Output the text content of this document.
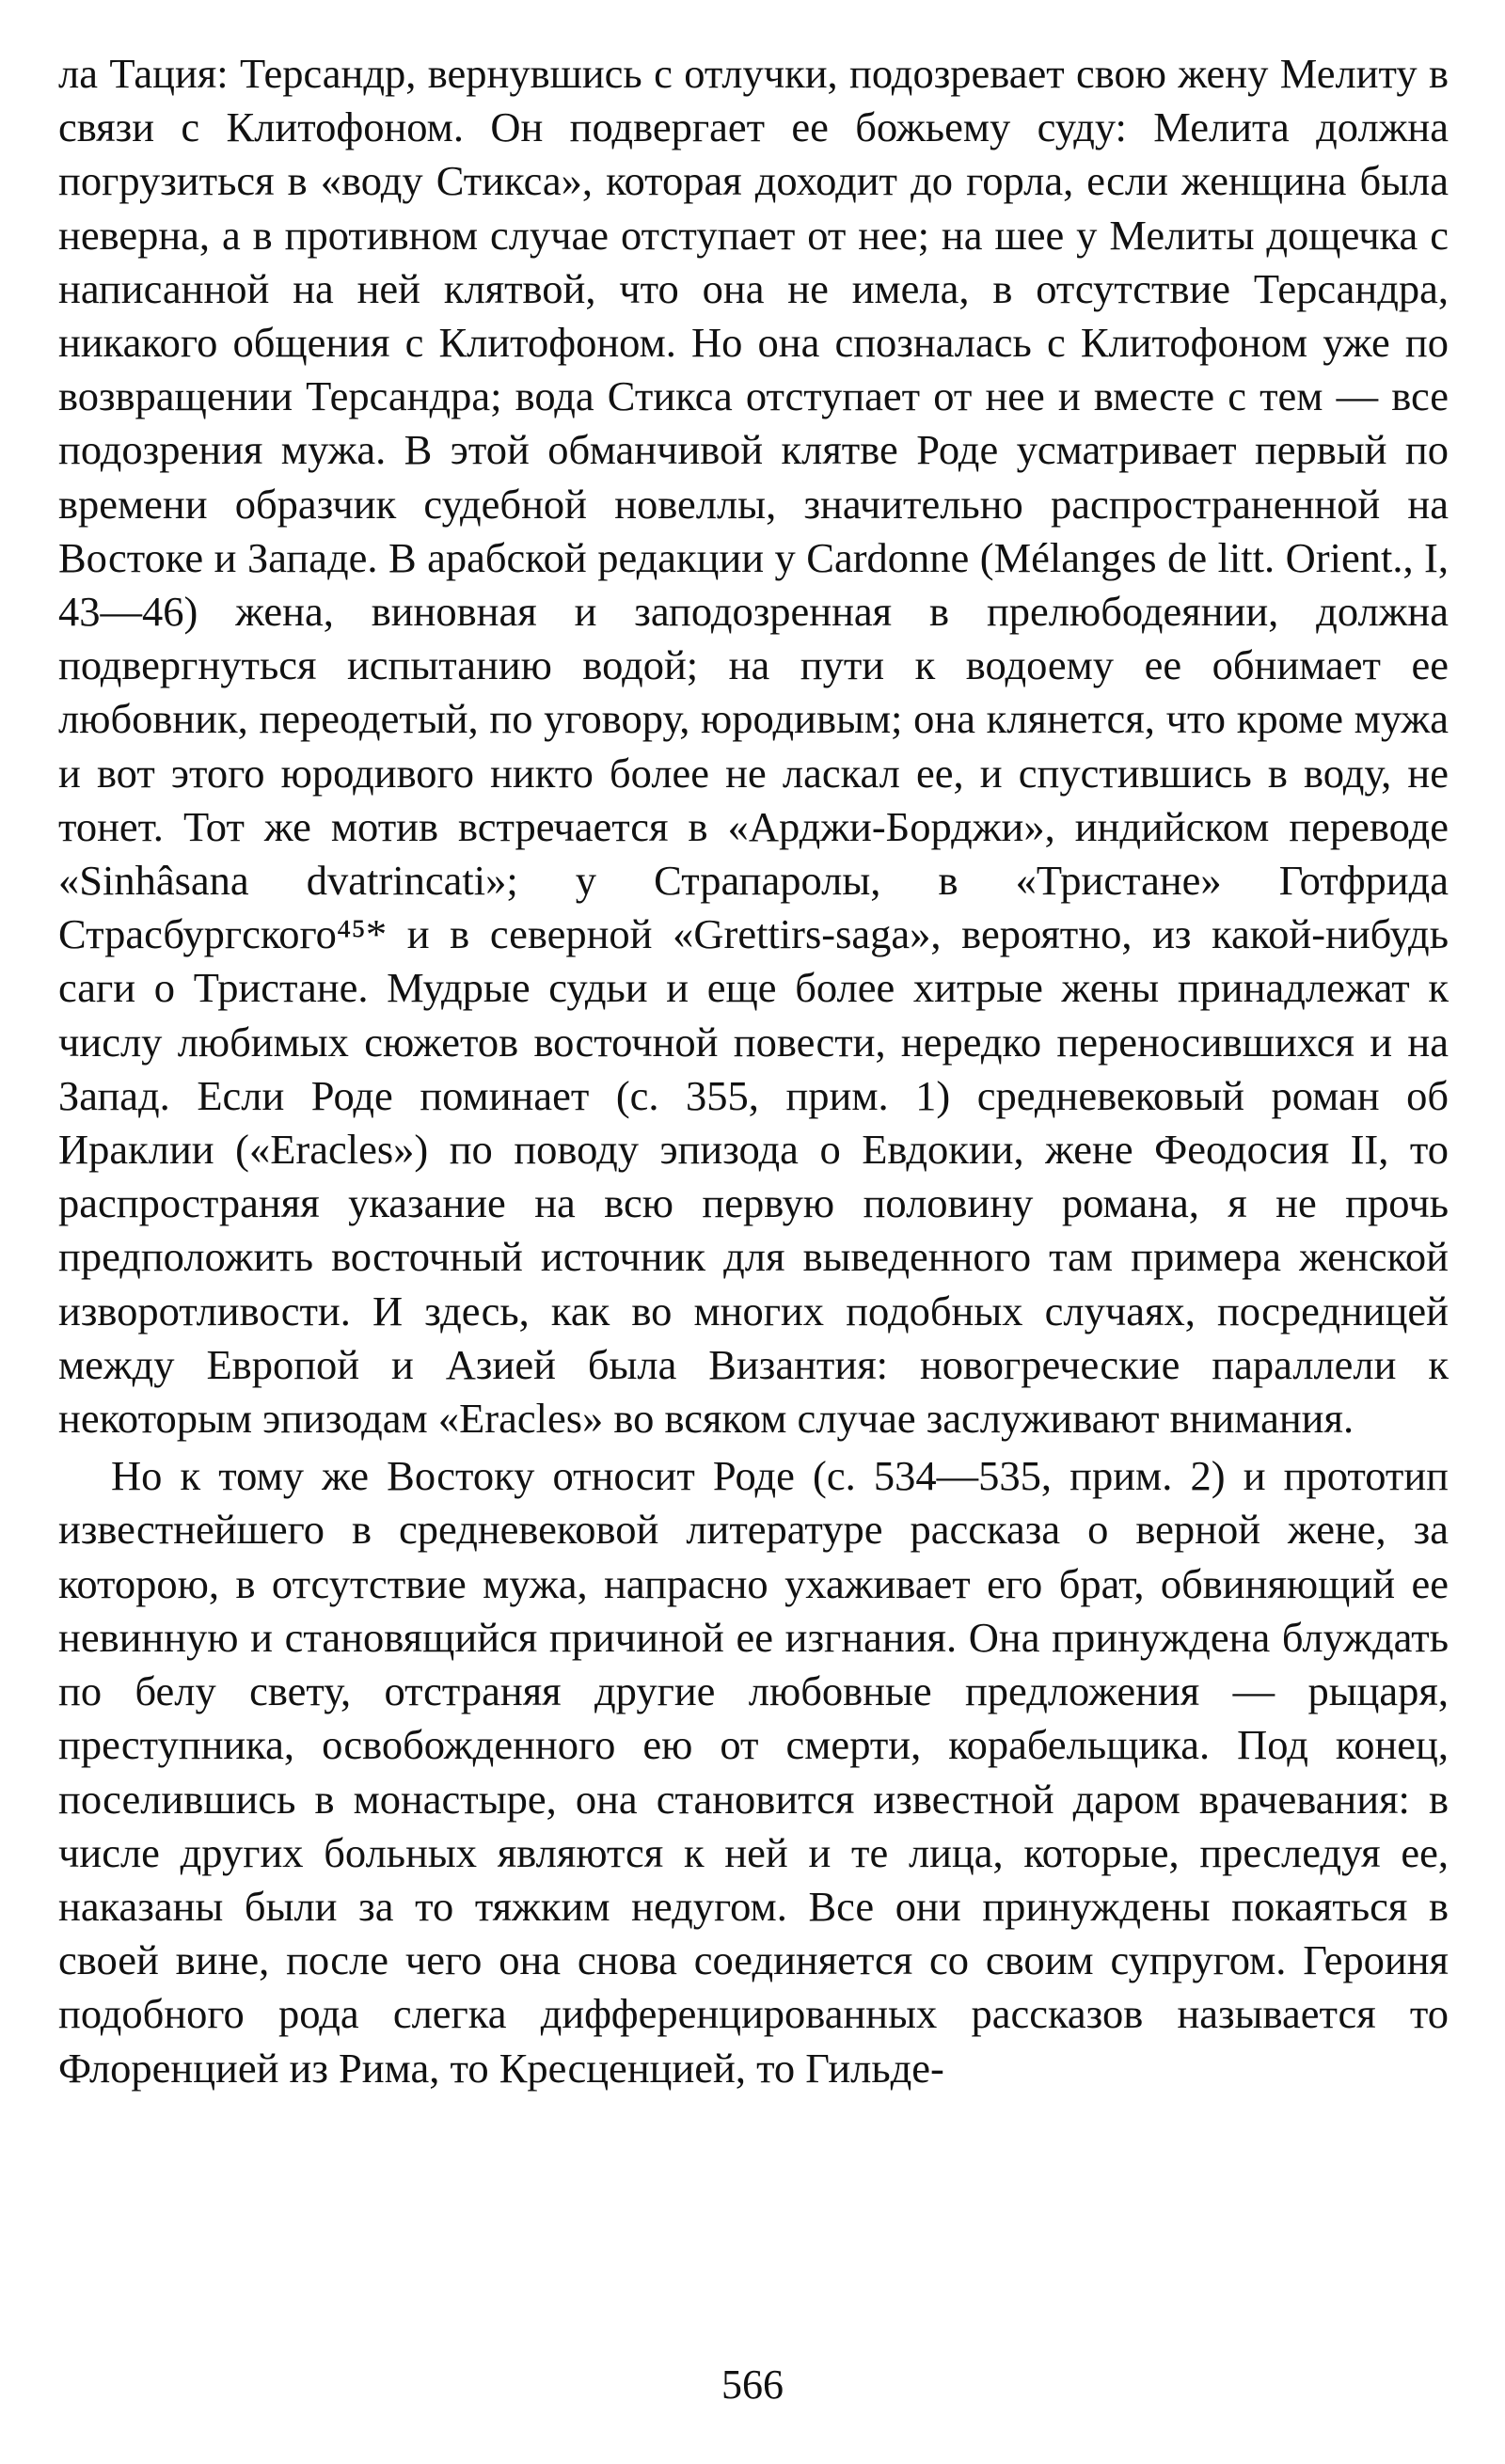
ла Тация: Терсандр, вернувшись с отлучки, подозревает свою жену Мелиту в связи с Клитофоном. Он подвергает ее божьему суду: Мелита должна погрузиться в «воду Стикса», которая доходит до горла, если женщина была неверна, а в противном случае отступает от нее; на шее у Мелиты дощечка с написанной на ней клятвой, что она не имела, в отсутствие Терсандра, никакого общения с Клитофоном. Но она спозналась с Клитофоном уже по возвращении Терсандра; вода Стикса отступает от нее и вместе с тем — все подозрения мужа. В этой обманчивой клятве Роде усматривает первый по времени образчик судебной новеллы, значительно распространенной на Востоке и Западе. В арабской редакции у Cardonne (Mélanges de litt. Orient., I, 43—46) жена, виновная и заподозренная в прелюбодеянии, должна подвергнуться испытанию водой; на пути к водоему ее обнимает ее любовник, переодетый, по уговору, юродивым; она клянется, что кроме мужа и вот этого юродивого никто более не ласкал ее, и спустившись в воду, не тонет. Тот же мотив встречается в «Арджи-Борджи», индийском переводе «Sinhâsana dvatrincati»; у Страпаролы, в «Тристане» Готфрида Страсбургского⁴⁵* и в северной «Grettirs-saga», вероятно, из какой-нибудь саги о Тристане. Мудрые судьи и еще более хитрые жены принадлежат к числу любимых сюжетов восточной повести, нередко переносившихся и на Запад. Если Роде поминает (с. 355, прим. 1) средневековый роман об Ираклии («Eracles») по поводу эпизода о Евдокии, жене Феодосия II, то распространяя указание на всю первую половину романа, я не прочь предположить восточный источник для выведенного там примера женской изворотливости. И здесь, как во многих подобных случаях, посредницей между Европой и Азией была Византия: новогреческие параллели к некоторым эпизодам «Eracles» во всяком случае заслуживают внимания.

Но к тому же Востоку относит Роде (с. 534—535, прим. 2) и прототип известнейшего в средневековой литературе рассказа о верной жене, за которою, в отсутствие мужа, напрасно ухаживает его брат, обвиняющий ее невинную и становящийся причиной ее изгнания. Она принуждена блуждать по белу свету, отстраняя другие любовные предложения — рыцаря, преступника, освобожденного ею от смерти, корабельщика. Под конец, поселившись в монастыре, она становится известной даром врачевания: в числе других больных являются к ней и те лица, которые, преследуя ее, наказаны были за то тяжким недугом. Все они принуждены покаяться в своей вине, после чего она снова соединяется со своим супругом. Героиня подобного рода слегка дифференцированных рассказов называется то Флоренцией из Рима, то Кресценцией, то Гильде-

566
